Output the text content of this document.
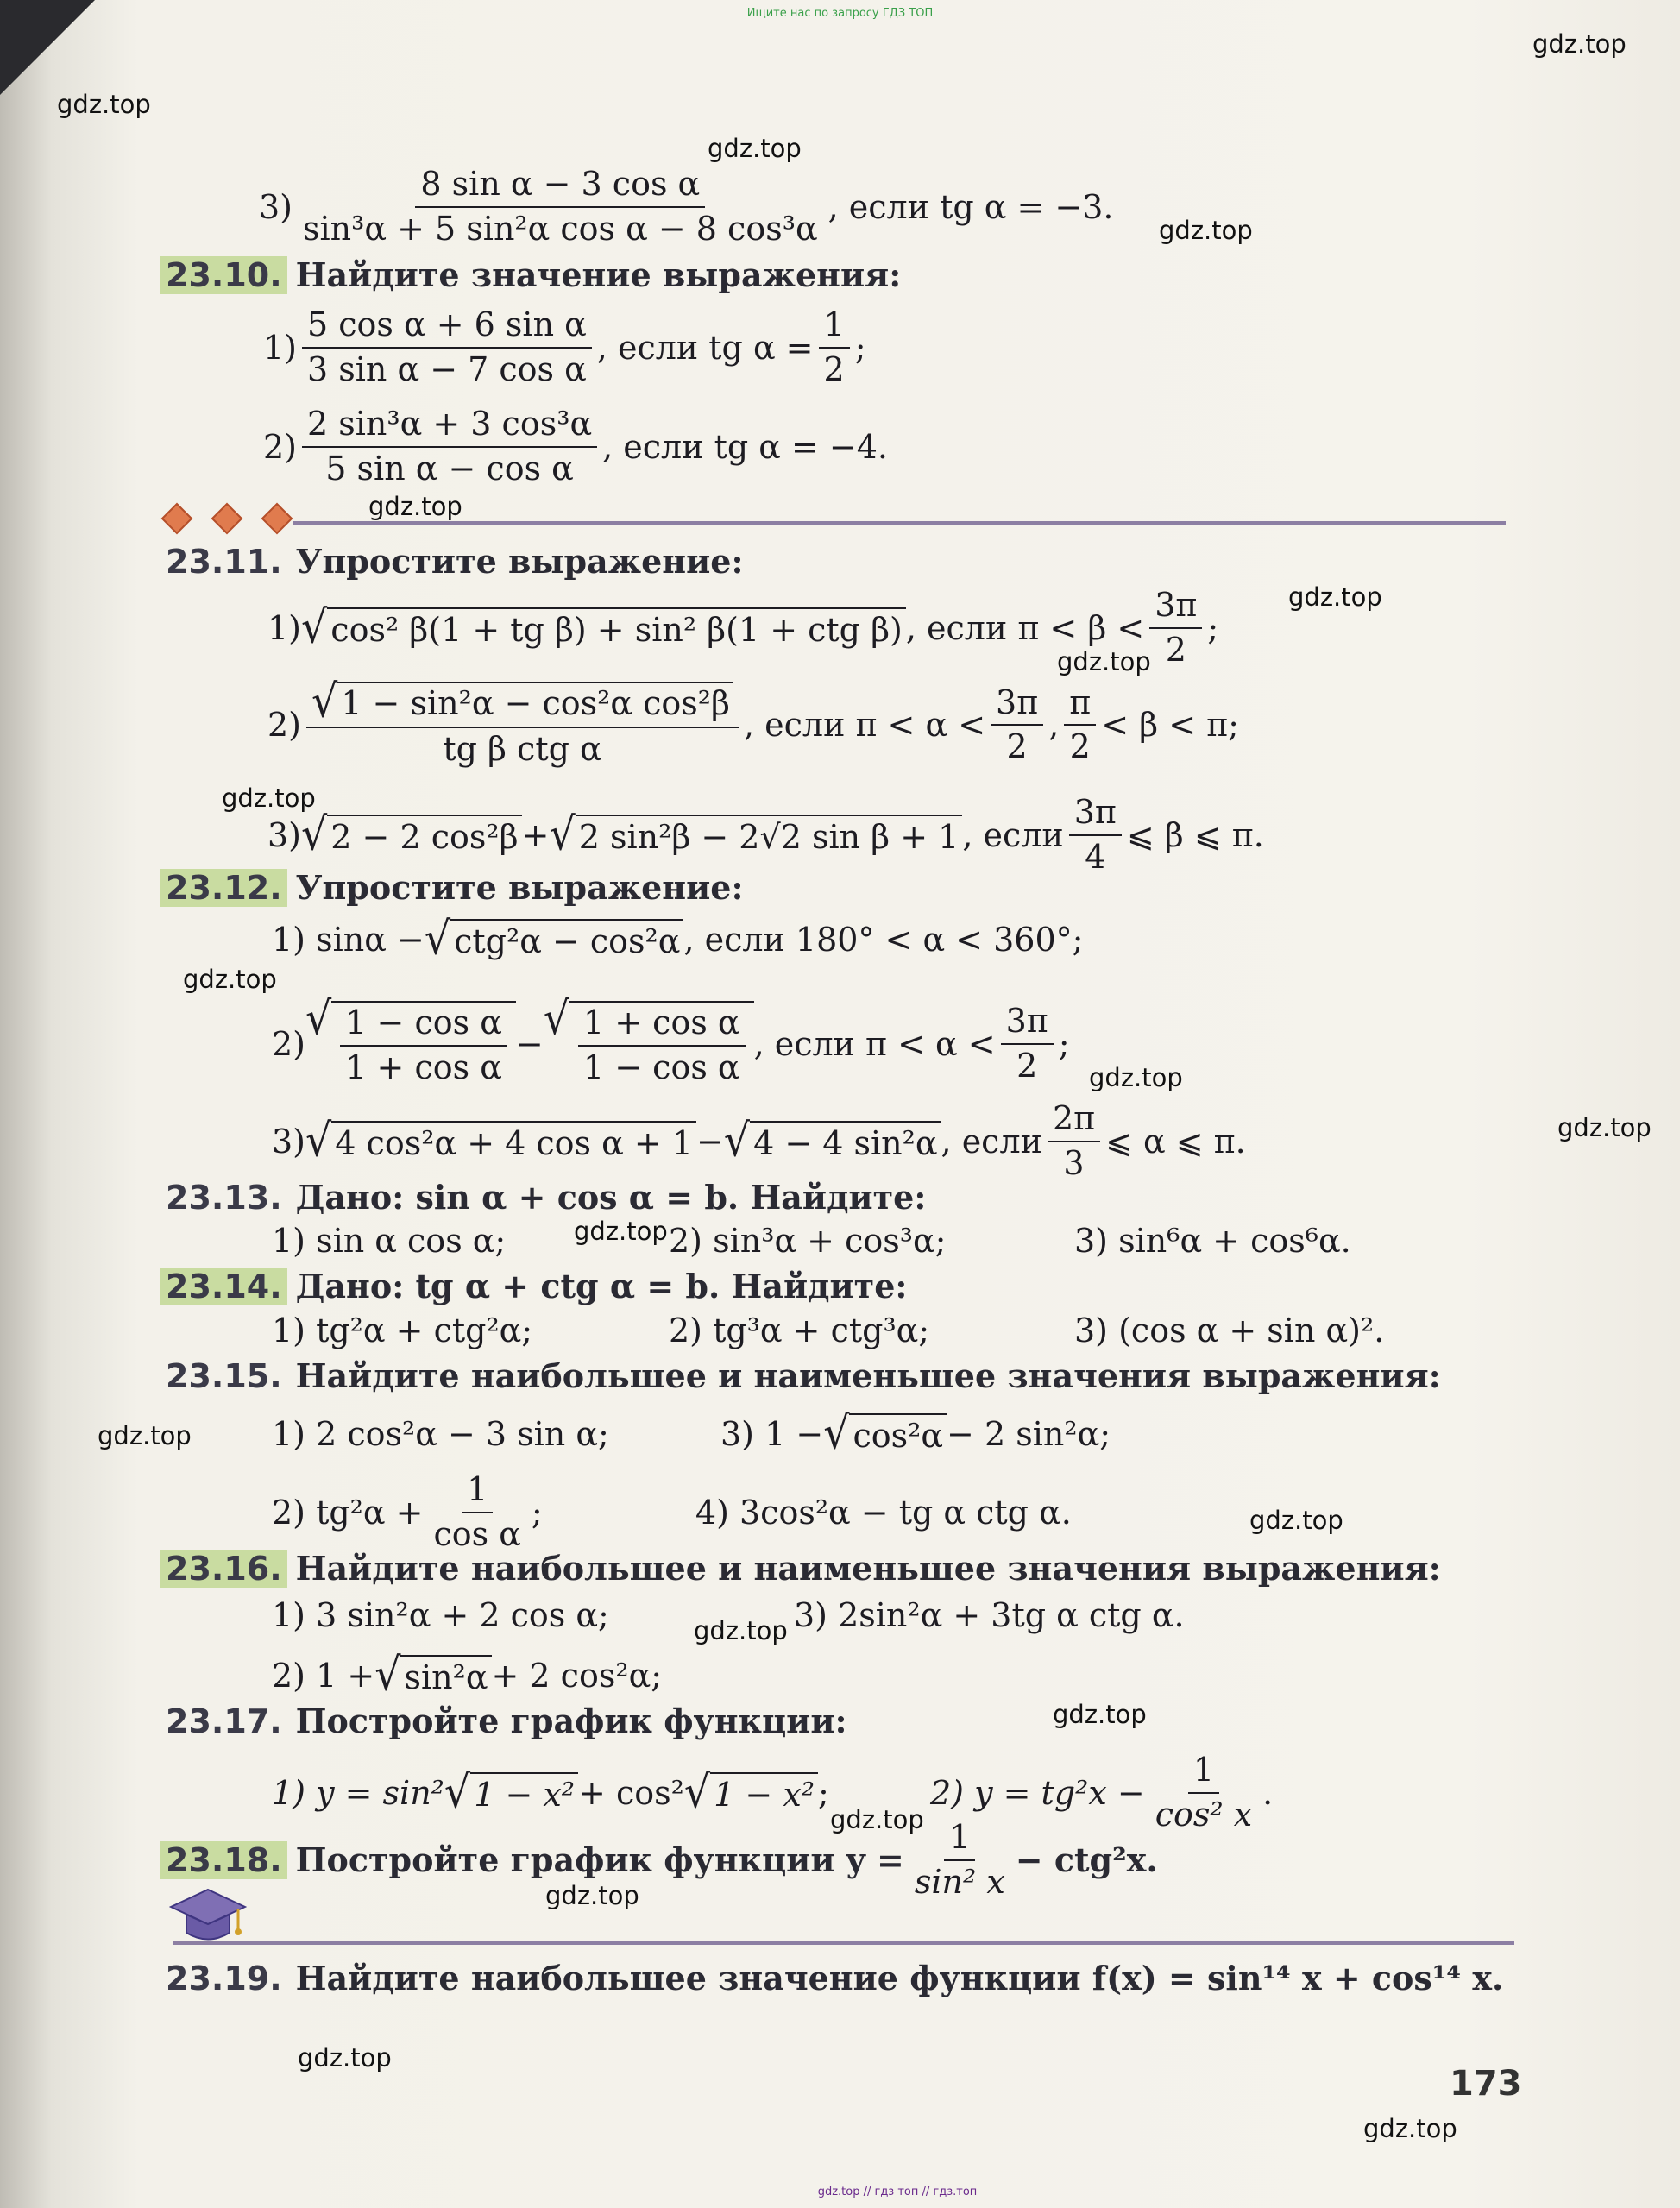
Ищите нас по запросу ГДЗ ТОП
gdz.top
gdz.top
gdz.top
gdz.top
gdz.top
gdz.top
gdz.top
gdz.top
gdz.top
gdz.top
gdz.top
gdz.top
gdz.top
gdz.top
gdz.top
gdz.top
gdz.top
gdz.top
gdz.top
gdz.top
$3) \frac{\text{8 sin α − 3 cos α}}{\text{sin³α + 5 sin²α cos α − 8 cos³α}}$ , если tg α = −3.
23.10. Найдите значение выражения:
$1) \frac{\text{5 cos α + 6 sin α}}{\text{3 sin α − 7 cos α}}$ , если tg $\alpha = \frac{1}{2}$ ;
$2) \frac{\text{2 sin³α + 3 cos³α}}{\text{5 sin α − cos α}}$ , если tg α = −4.
23.11. Упростите выражение:
1) √ cos² β(1 + tg β) + sin² β(1 + ctg β) , если $\pi < \beta < \frac{3\pi}{2}$ ;
$2) \frac{\text{√ 1 − sin²α − cos²α cos²β}}{\text{tg β ctg α}}$ , если $\pi < \alpha < \frac{3\pi}{2}$ , $\frac{\pi}{2} < \beta < \pi$;
3) √ 2 − 2 cos²β + √ 2 sin²β − 2√2 sin β + 1 , если $\frac{3\pi}{4}$ ⩽ β ⩽ π.
23.12. Упростите выражение:
1)
sinα − √ ctg²α − cos²α , если 180° < α < 360°;
2) √ $\frac{\text{1 − cos α}}{\text{1 + cos α}}$ − √ $\frac{\text{1 + cos α}}{\text{1 − cos α}}$ , если $\pi < \alpha < \frac{3\pi}{2}$ ;
3) √ 4 cos²α + 4 cos α + 1 − √ 4 − 4 sin²α , если $\frac{2\pi}{3}$ ⩽ α ⩽ π.
23.13. Дано: sin α + cos α = b. Найдите:
1) sin α cos α;	2) sin³α + cos³α;	3) sin⁶α + cos⁶α.
23.14. Дано: tg α + ctg α = b. Найдите:
1) tg²α + ctg²α;	2) tg³α + ctg³α;	3) (cos α + sin α)².
23.15. Найдите наибольшее и наименьшее значения выражения:
1) 2 cos²α − 3 sin α;	3) 1 − √ cos²α − 2 sin²α;
2) $tg^2\alpha + \frac{1}{\text{cos α}}$ ;	4) 3cos²α − tg α ctg α.
23.16. Найдите наибольшее и наименьшее значения выражения:
1) 3 sin²α + 2 cos α;	3) 2sin²α + 3tg α ctg α.
2) 1 + √ sin²α + 2 cos²α;
23.17. Постройте график функции:
1) y = sin² √ 1 − x² + cos² √ 1 − x² ;	2) $y = tg^2x - \frac{1}{\text{cos² x}}$ .
23.18. Постройте график функции $y = \frac{1}{\text{sin² x}} - ctg^2x$.
23.19. Найдите наибольшее значение функции f(x) = sin¹⁴ x + cos¹⁴ x.
173
gdz.top // гдз топ // гдз.топ
